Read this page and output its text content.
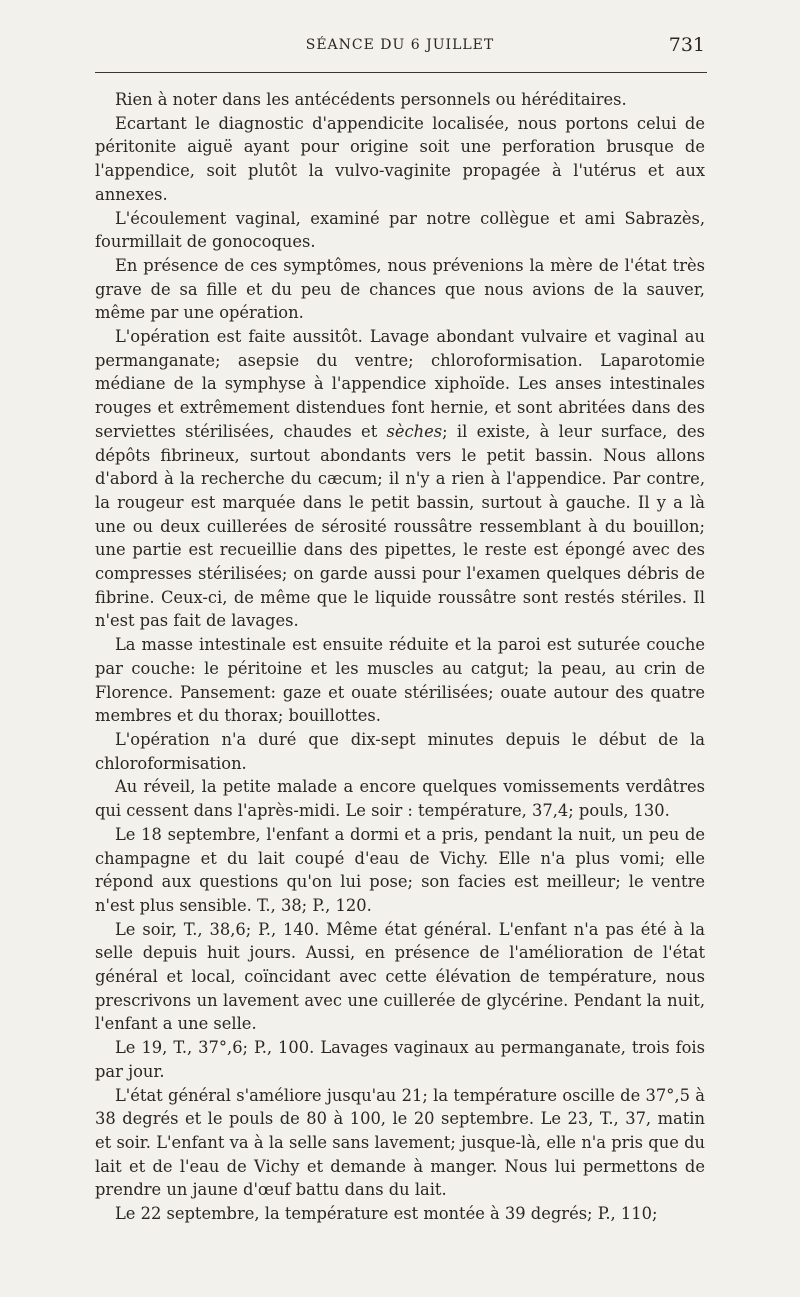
SÉANCE DU 6 JUILLET	731

Rien à noter dans les antécédents personnels ou héréditaires.

Ecartant le diagnostic d'appendicite localisée, nous portons celui de péritonite aiguë ayant pour origine soit une perforation brusque de l'appendice, soit plutôt la vulvo-vaginite propagée à l'utérus et aux annexes.

L'écoulement vaginal, examiné par notre collègue et ami Sabrazès, fourmillait de gonocoques.

En présence de ces symptômes, nous prévenions la mère de l'état très grave de sa fille et du peu de chances que nous avions de la sauver, même par une opération.

L'opération est faite aussitôt. Lavage abondant vulvaire et vaginal au permanganate; asepsie du ventre; chloroformisation. Laparotomie médiane de la symphyse à l'appendice xiphoïde. Les anses intestinales rouges et extrêmement distendues font hernie, et sont abritées dans des serviettes stérilisées, chaudes et sèches; il existe, à leur surface, des dépôts fibrineux, surtout abondants vers le petit bassin. Nous allons d'abord à la recherche du cæcum; il n'y a rien à l'appendice. Par contre, la rougeur est marquée dans le petit bassin, surtout à gauche. Il y a là une ou deux cuillerées de sérosité roussâtre ressemblant à du bouillon; une partie est recueillie dans des pipettes, le reste est épongé avec des compresses stérilisées; on garde aussi pour l'examen quelques débris de fibrine. Ceux-ci, de même que le liquide roussâtre sont restés stériles. Il n'est pas fait de lavages.

La masse intestinale est ensuite réduite et la paroi est suturée couche par couche: le péritoine et les muscles au catgut; la peau, au crin de Florence. Pansement: gaze et ouate stérilisées; ouate autour des quatre membres et du thorax; bouillottes.

L'opération n'a duré que dix-sept minutes depuis le début de la chloroformisation.

Au réveil, la petite malade a encore quelques vomissements verdâtres qui cessent dans l'après-midi. Le soir : température, 37,4; pouls, 130.

Le 18 septembre, l'enfant a dormi et a pris, pendant la nuit, un peu de champagne et du lait coupé d'eau de Vichy. Elle n'a plus vomi; elle répond aux questions qu'on lui pose; son facies est meilleur; le ventre n'est plus sensible. T., 38; P., 120.

Le soir, T., 38,6; P., 140. Même état général. L'enfant n'a pas été à la selle depuis huit jours. Aussi, en présence de l'amélioration de l'état général et local, coïncidant avec cette élévation de température, nous prescrivons un lavement avec une cuillerée de glycérine. Pendant la nuit, l'enfant a une selle.

Le 19, T., 37°,6; P., 100. Lavages vaginaux au permanganate, trois fois par jour.

L'état général s'améliore jusqu'au 21; la température oscille de 37°,5 à 38 degrés et le pouls de 80 à 100, le 20 septembre. Le 23, T., 37, matin et soir. L'enfant va à la selle sans lavement; jusque-là, elle n'a pris que du lait et de l'eau de Vichy et demande à manger. Nous lui permettons de prendre un jaune d'œuf battu dans du lait.

Le 22 septembre, la température est montée à 39 degrés; P., 110;
